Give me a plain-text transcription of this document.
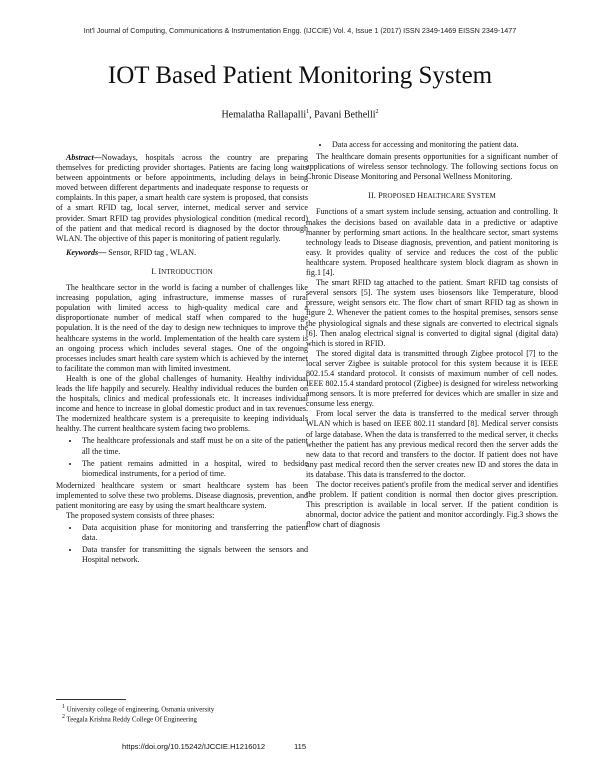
Int'l Journal of Computing, Communications & Instrumentation Engg. (IJCCIE) Vol. 4, Issue 1 (2017) ISSN 2349-1469 EISSN 2349-1477
IOT Based Patient Monitoring System
Hemalatha Rallapalli$^1$, Pavani Bethelli$^2$

Abstract—Nowadays, hospitals across the country are preparing themselves for predicting provider shortages. Patients are facing long waits between appointments or before appointments, including delays in being moved between different departments and inadequate response to requests or complaints. In this paper, a smart health care system is proposed, that consists of a smart RFID tag, local server, internet, medical server and service provider. Smart RFID tag provides physiological condition (medical record) of the patient and that medical record is diagnosed by the doctor through WLAN. The objective of this paper is monitoring of patient regularly.

Keywords— Sensor, RFID tag , WLAN.

I. INTRODUCTION

The healthcare sector in the world is facing a number of challenges like increasing population, aging infrastructure, immense masses of rural population with limited access to high-quality medical care and a disproportionate number of medical staff when compared to the huge population. It is the need of the day to design new techniques to improve the healthcare systems in the world. Implementation of the health care system is an ongoing process which includes several stages. One of the ongoing processes includes smart health care system which is achieved by the internet to facilitate the common man with limited investment.

Health is one of the global challenges of humanity. Healthy individual leads the life happily and securely. Healthy individual reduces the burden on the hospitals, clinics and medical professionals etc. It increases individual income and hence to increase in global domestic product and in tax revenues. The modernized healthcare system is a prerequisite to keeping individuals healthy. The current healthcare system facing two problems.

• The healthcare professionals and staff must be on a site of the patient all the time.
• The patient remains admitted in a hospital, wired to bedside biomedical instruments, for a period of time.

Modernized healthcare system or smart healthcare system has been implemented to solve these two problems. Disease diagnosis, prevention, and patient monitoring are easy by using the smart healthcare system.

The proposed system consists of three phases:

• Data acquisition phase for monitoring and transferring the patient data.
• Data transfer for transmitting the signals between the sensors and Hospital network.
• Data access for accessing and monitoring the patient data.

The healthcare domain presents opportunities for a significant number of applications of wireless sensor technology. The following sections focus on Chronic Disease Monitoring and Personal Wellness Monitoring.

II. PROPOSED HEALTHCARE SYSTEM

Functions of a smart system include sensing, actuation and controlling. It makes the decisions based on available data in a predictive or adaptive manner by performing smart actions. In the healthcare sector, smart systems technology leads to Disease diagnosis, prevention, and patient monitoring is easy. It provides quality of service and reduces the cost of the public healthcare system. Proposed healthcare system block diagram as shown in fig.1 [4].

The smart RFID tag attached to the patient. Smart RFID tag consists of several sensors [5]. The system uses biosensors like Temperature, blood pressure, weight sensors etc. The flow chart of smart RFID tag as shown in figure 2. Whenever the patient comes to the hospital premises, sensors sense the physiological signals and these signals are converted to electrical signals [6]. Then analog electrical signal is converted to digital signal (digital data) which is stored in RFID.

The stored digital data is transmitted through Zigbee protocol [7] to the local server Zigbee is suitable protocol for this system because it is IEEE 802.15.4 standard protocol. It consists of maximum number of cell nodes. IEEE 802.15.4 standard protocol (Zigbee) is designed for wireless networking among sensors. It is more preferred for devices which are smaller in size and consume less energy.

From local server the data is transferred to the medical server through WLAN which is based on IEEE 802.11 standard [8]. Medical server consists of large database. When the data is transferred to the medical server, it checks whether the patient has any previous medical record then the server adds the new data to that record and transfers to the doctor. If patient does not have any past medical record then the server creates new ID and stores the data in its database. This data is transferred to the doctor.

The doctor receives patient's profile from the medical server and identifies the problem. If patient condition is normal then doctor gives prescription. This prescription is available in local server. If the patient condition is abnormal, doctor advice the patient and monitor accordingly. Fig.3 shows the flow chart of diagnosis

$^1$ University college of engineering, Osmania university
$^2$ Teegala Krishna Reddy College Of Engineering
https://doi.org/10.15242/IJCCIE.H1216012	115
